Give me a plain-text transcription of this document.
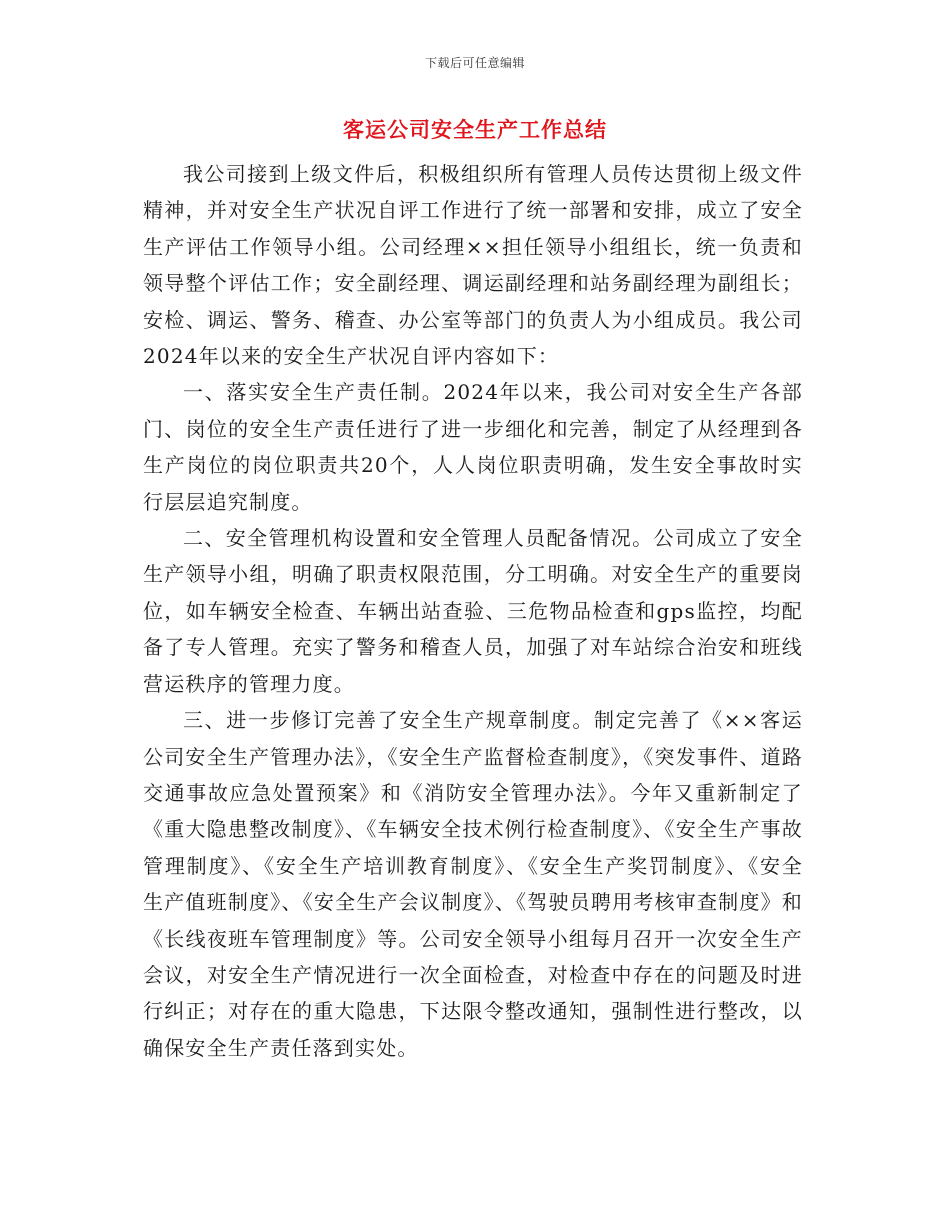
下载后可任意编辑
客运公司安全生产工作总结

我公司接到上级文件后，积极组织所有管理人员传达贯彻上级文件精神，并对安全生产状况自评工作进行了统一部署和安排，成立了安全生产评估工作领导小组。公司经理××担任领导小组组长，统一负责和领导整个评估工作；安全副经理、调运副经理和站务副经理为副组长；安检、调运、警务、稽查、办公室等部门的负责人为小组成员。我公司2024年以来的安全生产状况自评内容如下：

一、落实安全生产责任制。2024年以来，我公司对安全生产各部门、岗位的安全生产责任进行了进一步细化和完善，制定了从经理到各生产岗位的岗位职责共20个，人人岗位职责明确，发生安全事故时实行层层追究制度。

二、安全管理机构设置和安全管理人员配备情况。公司成立了安全生产领导小组，明确了职责权限范围，分工明确。对安全生产的重要岗位，如车辆安全检查、车辆出站查验、三危物品检查和gps监控，均配备了专人管理。充实了警务和稽查人员，加强了对车站综合治安和班线营运秩序的管理力度。

三、进一步修订完善了安全生产规章制度。制定完善了《××客运公司安全生产管理办法》，《安全生产监督检查制度》，《突发事件、道路交通事故应急处置预案》和《消防安全管理办法》。今年又重新制定了《重大隐患整改制度》、《车辆安全技术例行检查制度》、《安全生产事故管理制度》、《安全生产培训教育制度》、《安全生产奖罚制度》、《安全生产值班制度》、《安全生产会议制度》、《驾驶员聘用考核审查制度》和《长线夜班车管理制度》等。公司安全领导小组每月召开一次安全生产会议，对安全生产情况进行一次全面检查，对检查中存在的问题及时进行纠正；对存在的重大隐患，下达限令整改通知，强制性进行整改，以确保安全生产责任落到实处。
